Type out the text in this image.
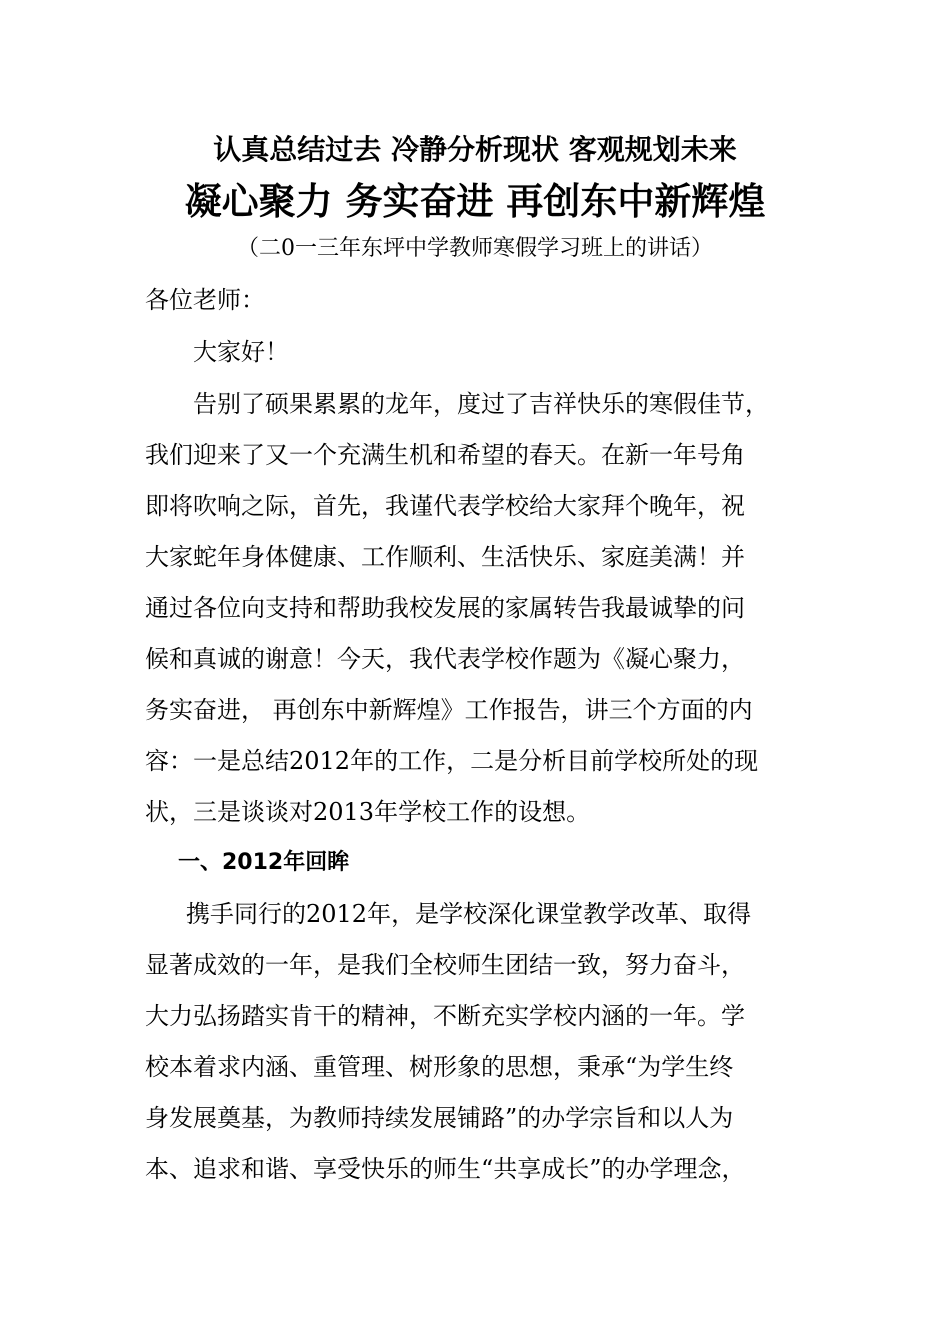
认真总结过去 冷静分析现状 客观规划未来
凝心聚力 务实奋进 再创东中新辉煌
（二0一三年东坪中学教师寒假学习班上的讲话）
各位老师：
大家好！
告别了硕果累累的龙年，度过了吉祥快乐的寒假佳节，
我们迎来了又一个充满生机和希望的春天。在新一年号角
即将吹响之际，首先，我谨代表学校给大家拜个晚年，祝
大家蛇年身体健康、工作顺利、生活快乐、家庭美满！并
通过各位向支持和帮助我校发展的家属转告我最诚挚的问
候和真诚的谢意！今天，我代表学校作题为《凝心聚力，
务实奋进， 再创东中新辉煌》工作报告，讲三个方面的内
容：一是总结2012年的工作，二是分析目前学校所处的现
状，三是谈谈对2013年学校工作的设想。
一、2012年回眸
携手同行的2012年，是学校深化课堂教学改革、取得
显著成效的一年，是我们全校师生团结一致，努力奋斗，
大力弘扬踏实肯干的精神，不断充实学校内涵的一年。学
校本着求内涵、重管理、树形象的思想，秉承“为学生终
身发展奠基，为教师持续发展铺路”的办学宗旨和以人为
本、追求和谐、享受快乐的师生“共享成长”的办学理念，
